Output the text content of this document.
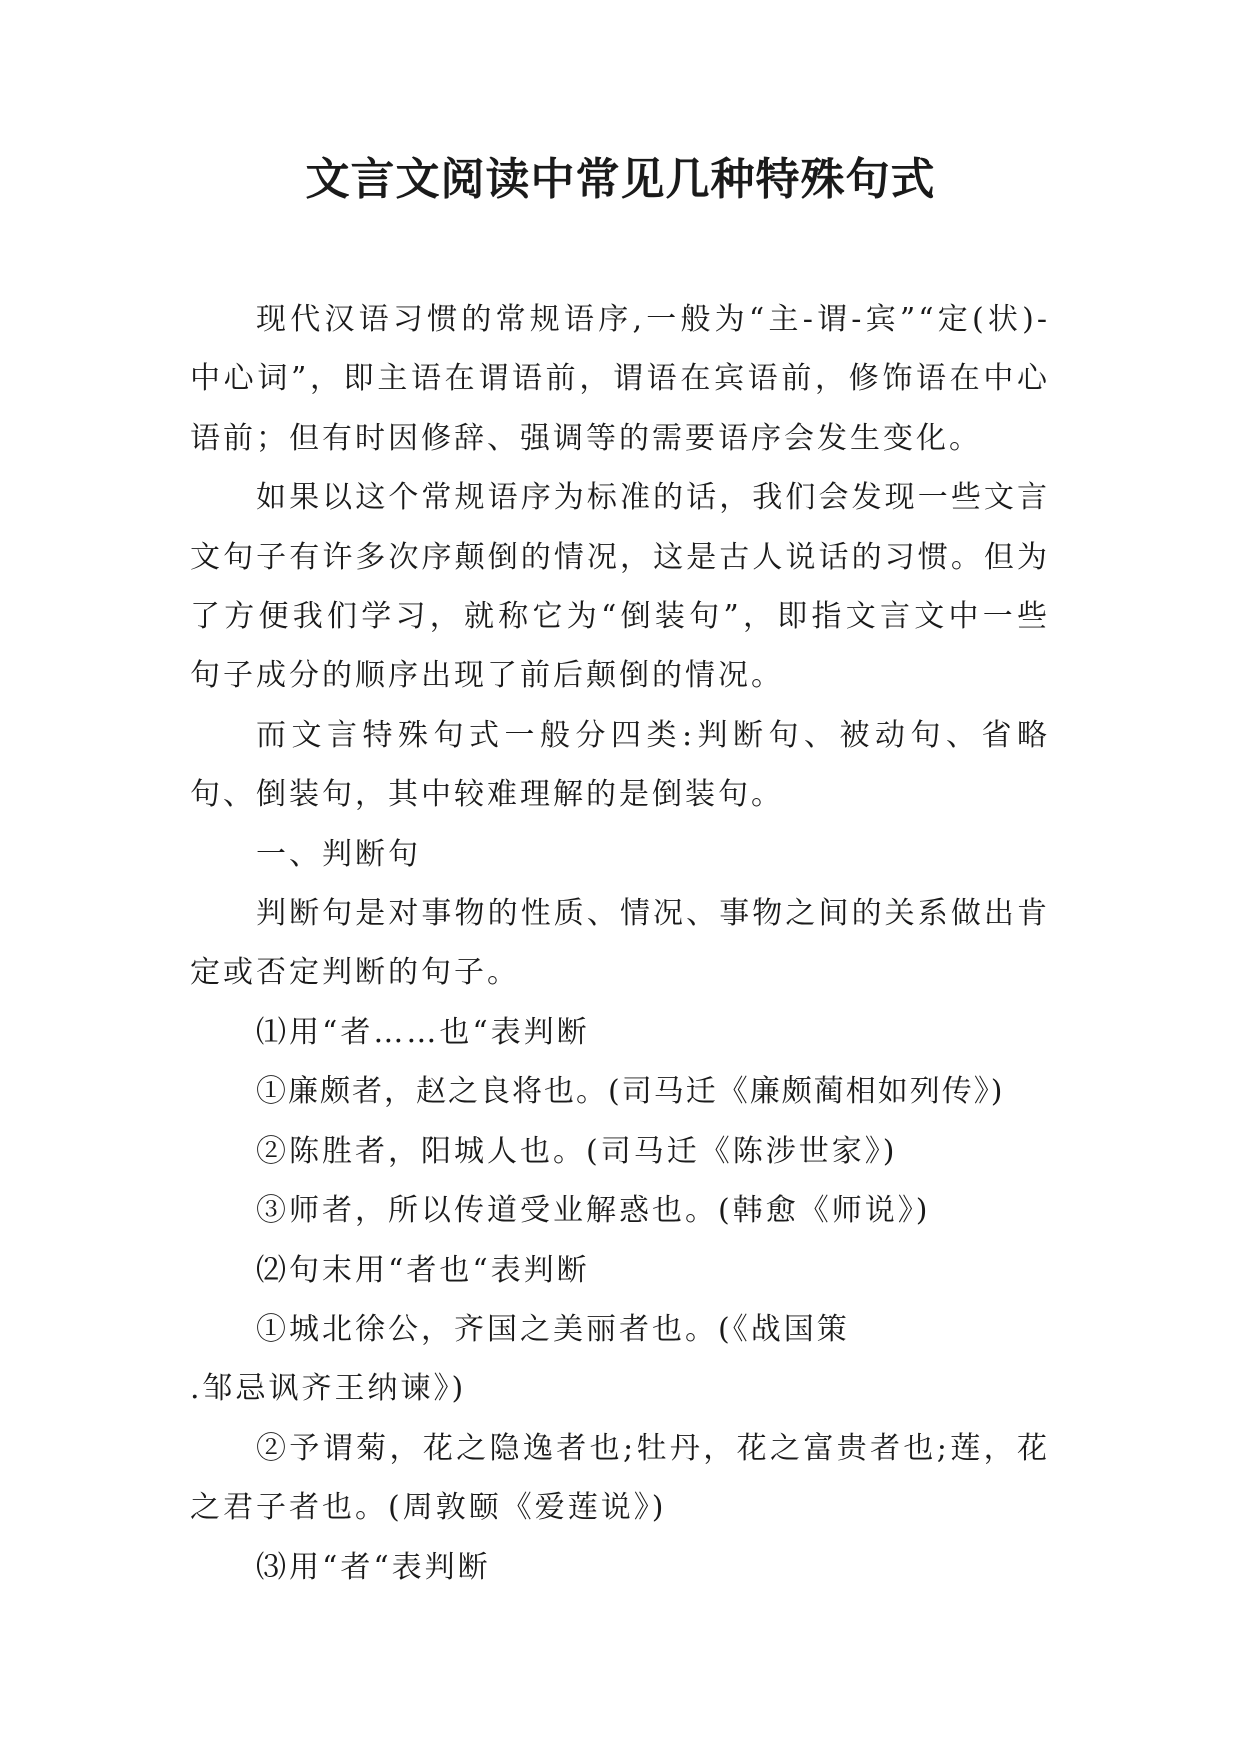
文言文阅读中常见几种特殊句式

现代汉语习惯的常规语序,一般为“主-谓-宾”“定(状)-中心词”，即主语在谓语前，谓语在宾语前，修饰语在中心语前；但有时因修辞、强调等的需要语序会发生变化。

如果以这个常规语序为标准的话，我们会发现一些文言文句子有许多次序颠倒的情况，这是古人说话的习惯。但为了方便我们学习，就称它为“倒装句”，即指文言文中一些句子成分的顺序出现了前后颠倒的情况。

而文言特殊句式一般分四类:判断句、被动句、省略句、倒装句，其中较难理解的是倒装句。

一、判断句

判断句是对事物的性质、情况、事物之间的关系做出肯定或否定判断的句子。

⑴用“者……也“表判断

①廉颇者，赵之良将也。(司马迁《廉颇蔺相如列传》)

②陈胜者，阳城人也。(司马迁《陈涉世家》)

③师者，所以传道受业解惑也。(韩愈《师说》)

⑵句末用“者也“表判断

①城北徐公，齐国之美丽者也。(《战国策

.邹忌讽齐王纳谏》)

②予谓菊，花之隐逸者也;牡丹，花之富贵者也;莲，花之君子者也。(周敦颐《爱莲说》)

⑶用“者“表判断
